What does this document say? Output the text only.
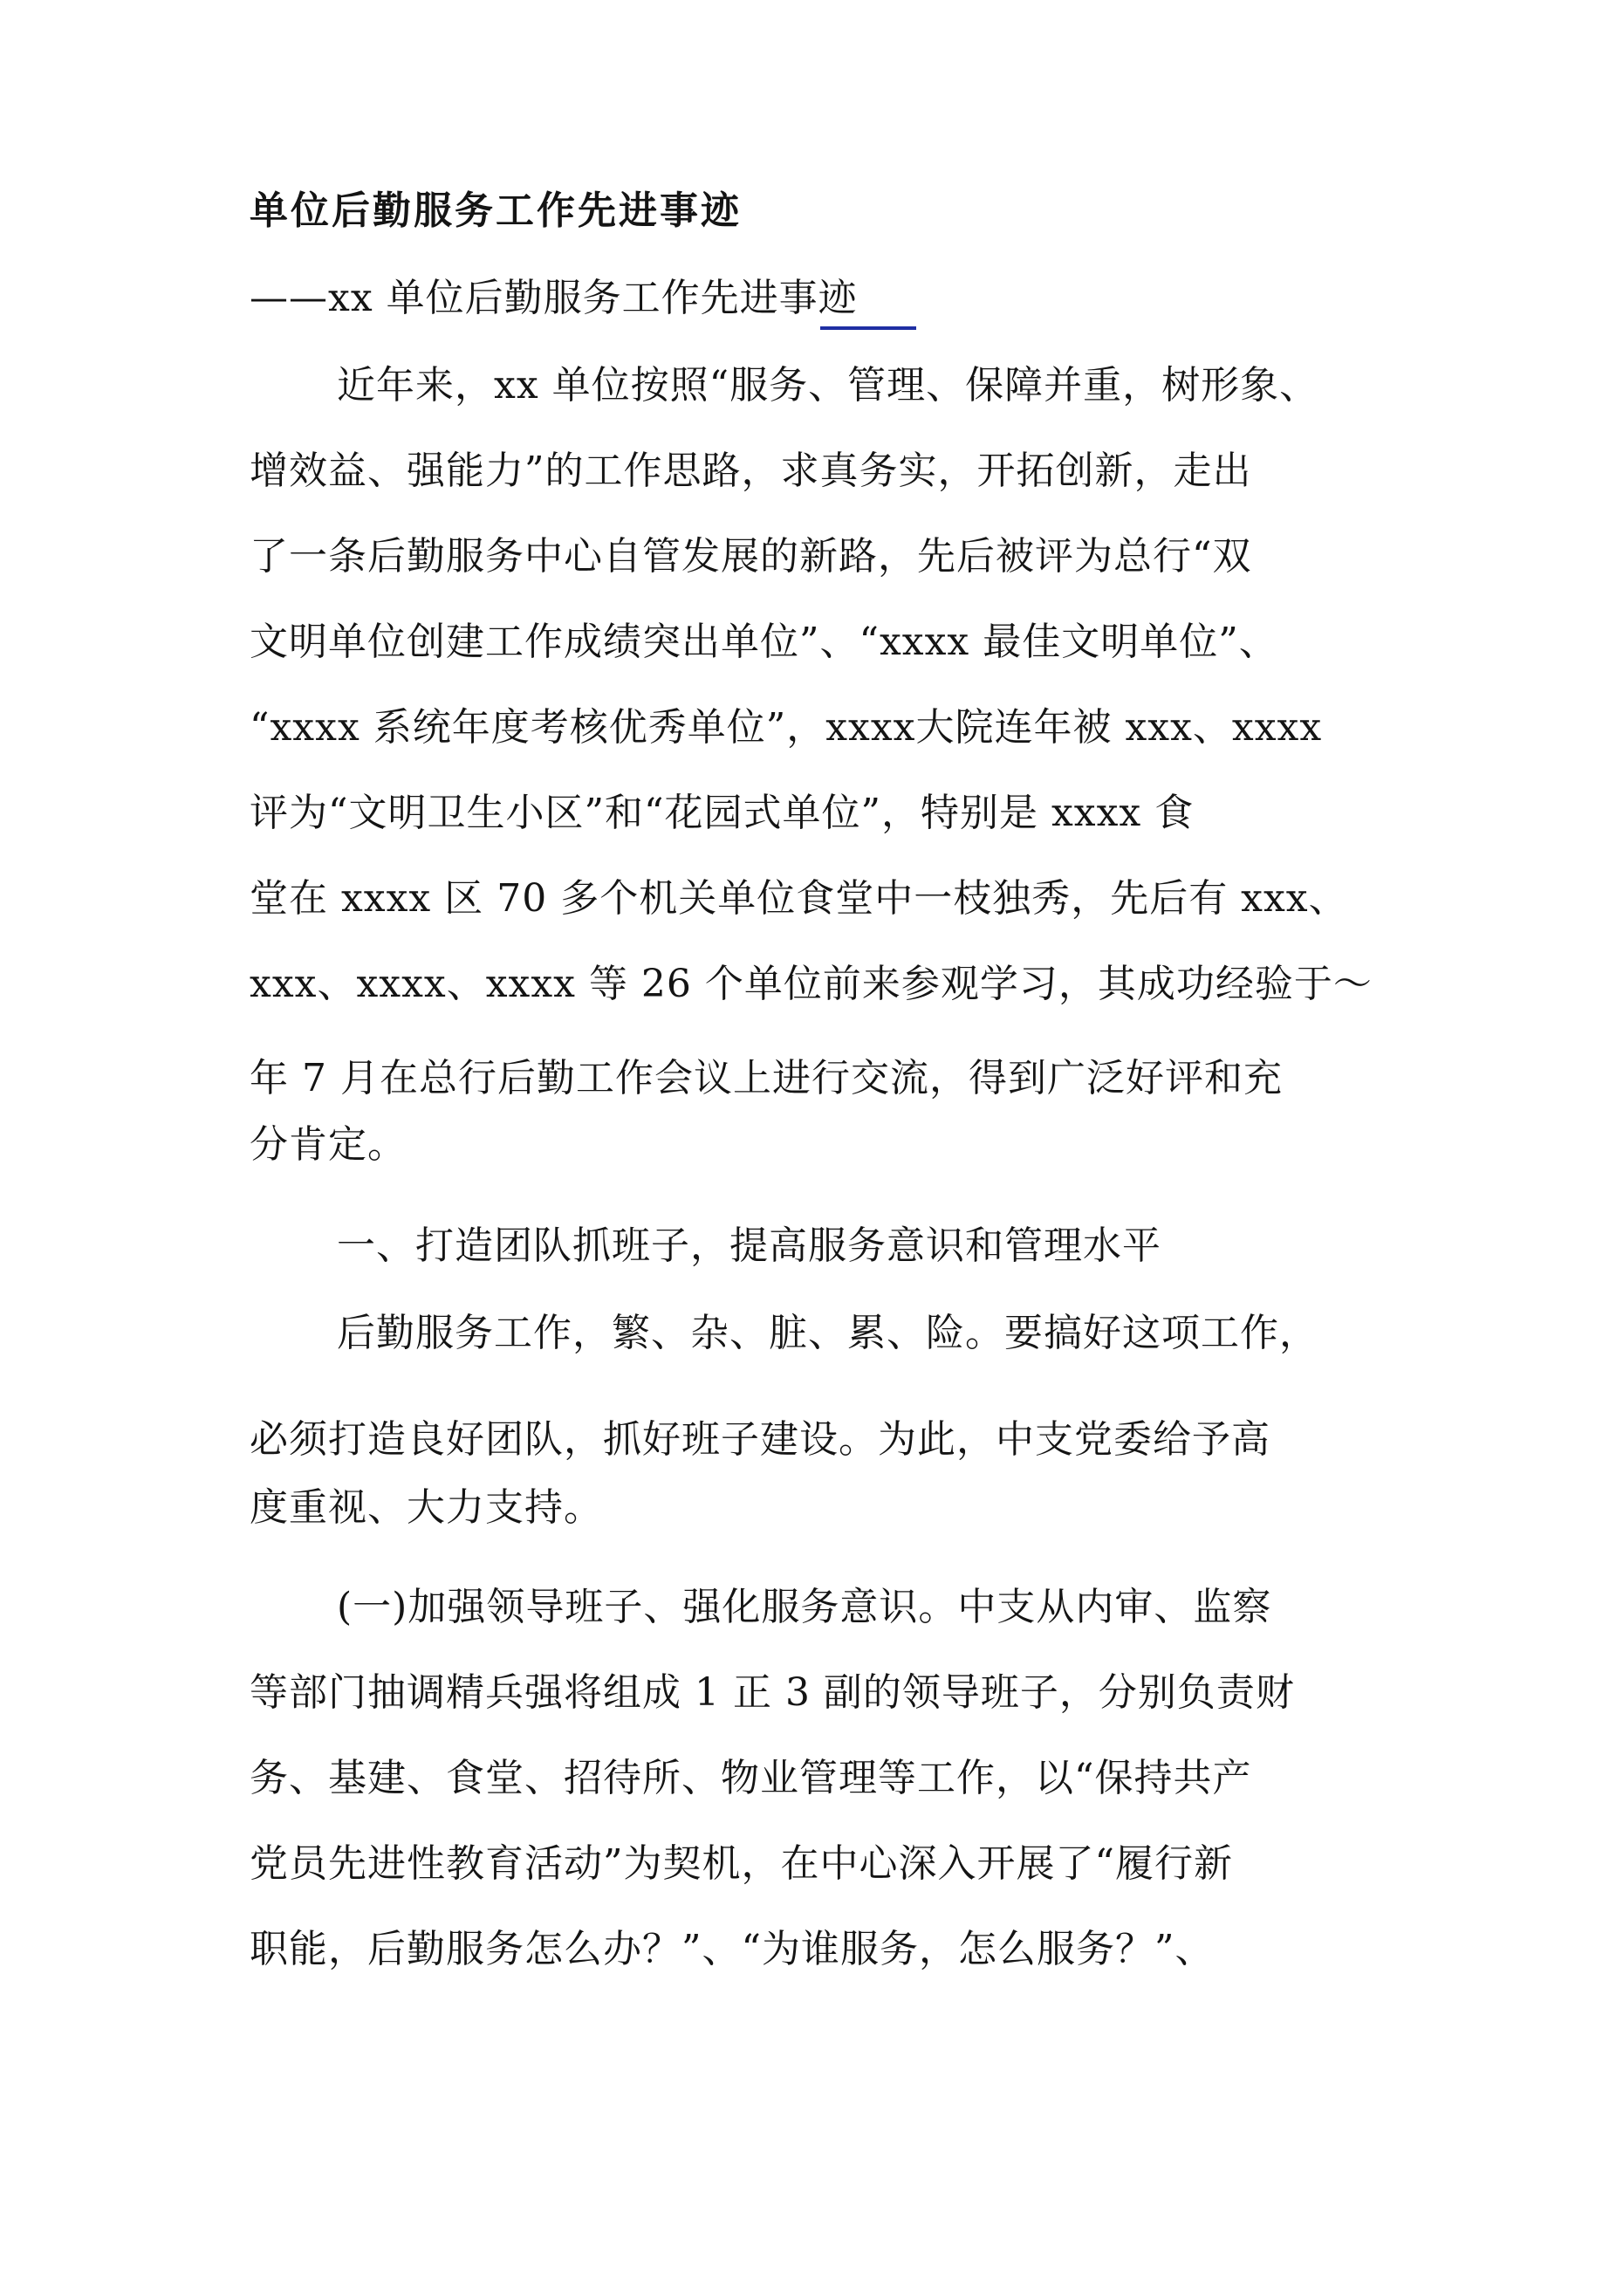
单位后勤服务工作先进事迹
——xx 单位后勤服务工作先进事迹
近年来，xx 单位按照“服务、管理、保障并重，树形象、
增效益、强能力”的工作思路，求真务实，开拓创新，走出
了一条后勤服务中心自管发展的新路，先后被评为总行“双
文明单位创建工作成绩突出单位”、“xxxx 最佳文明单位”、
“xxxx 系统年度考核优秀单位”，xxxx大院连年被 xxx、xxxx
评为“文明卫生小区”和“花园式单位”，特别是 xxxx 食
堂在 xxxx 区 70 多个机关单位食堂中一枝独秀，先后有 xxx、
xxx、xxxx、xxxx 等 26 个单位前来参观学习，其成功经验于～
年 7 月在总行后勤工作会议上进行交流，得到广泛好评和充
分肯定。
一、打造团队抓班子，提高服务意识和管理水平
后勤服务工作，繁、杂、脏、累、险。要搞好这项工作，
必须打造良好团队，抓好班子建设。为此，中支党委给予高
度重视、大力支持。
(一)加强领导班子、强化服务意识。中支从内审、监察
等部门抽调精兵强将组成 1 正 3 副的领导班子，分别负责财
务、基建、食堂、招待所、物业管理等工作，以“保持共产
党员先进性教育活动”为契机，在中心深入开展了“履行新
职能，后勤服务怎么办？”、“为谁服务，怎么服务？”、
